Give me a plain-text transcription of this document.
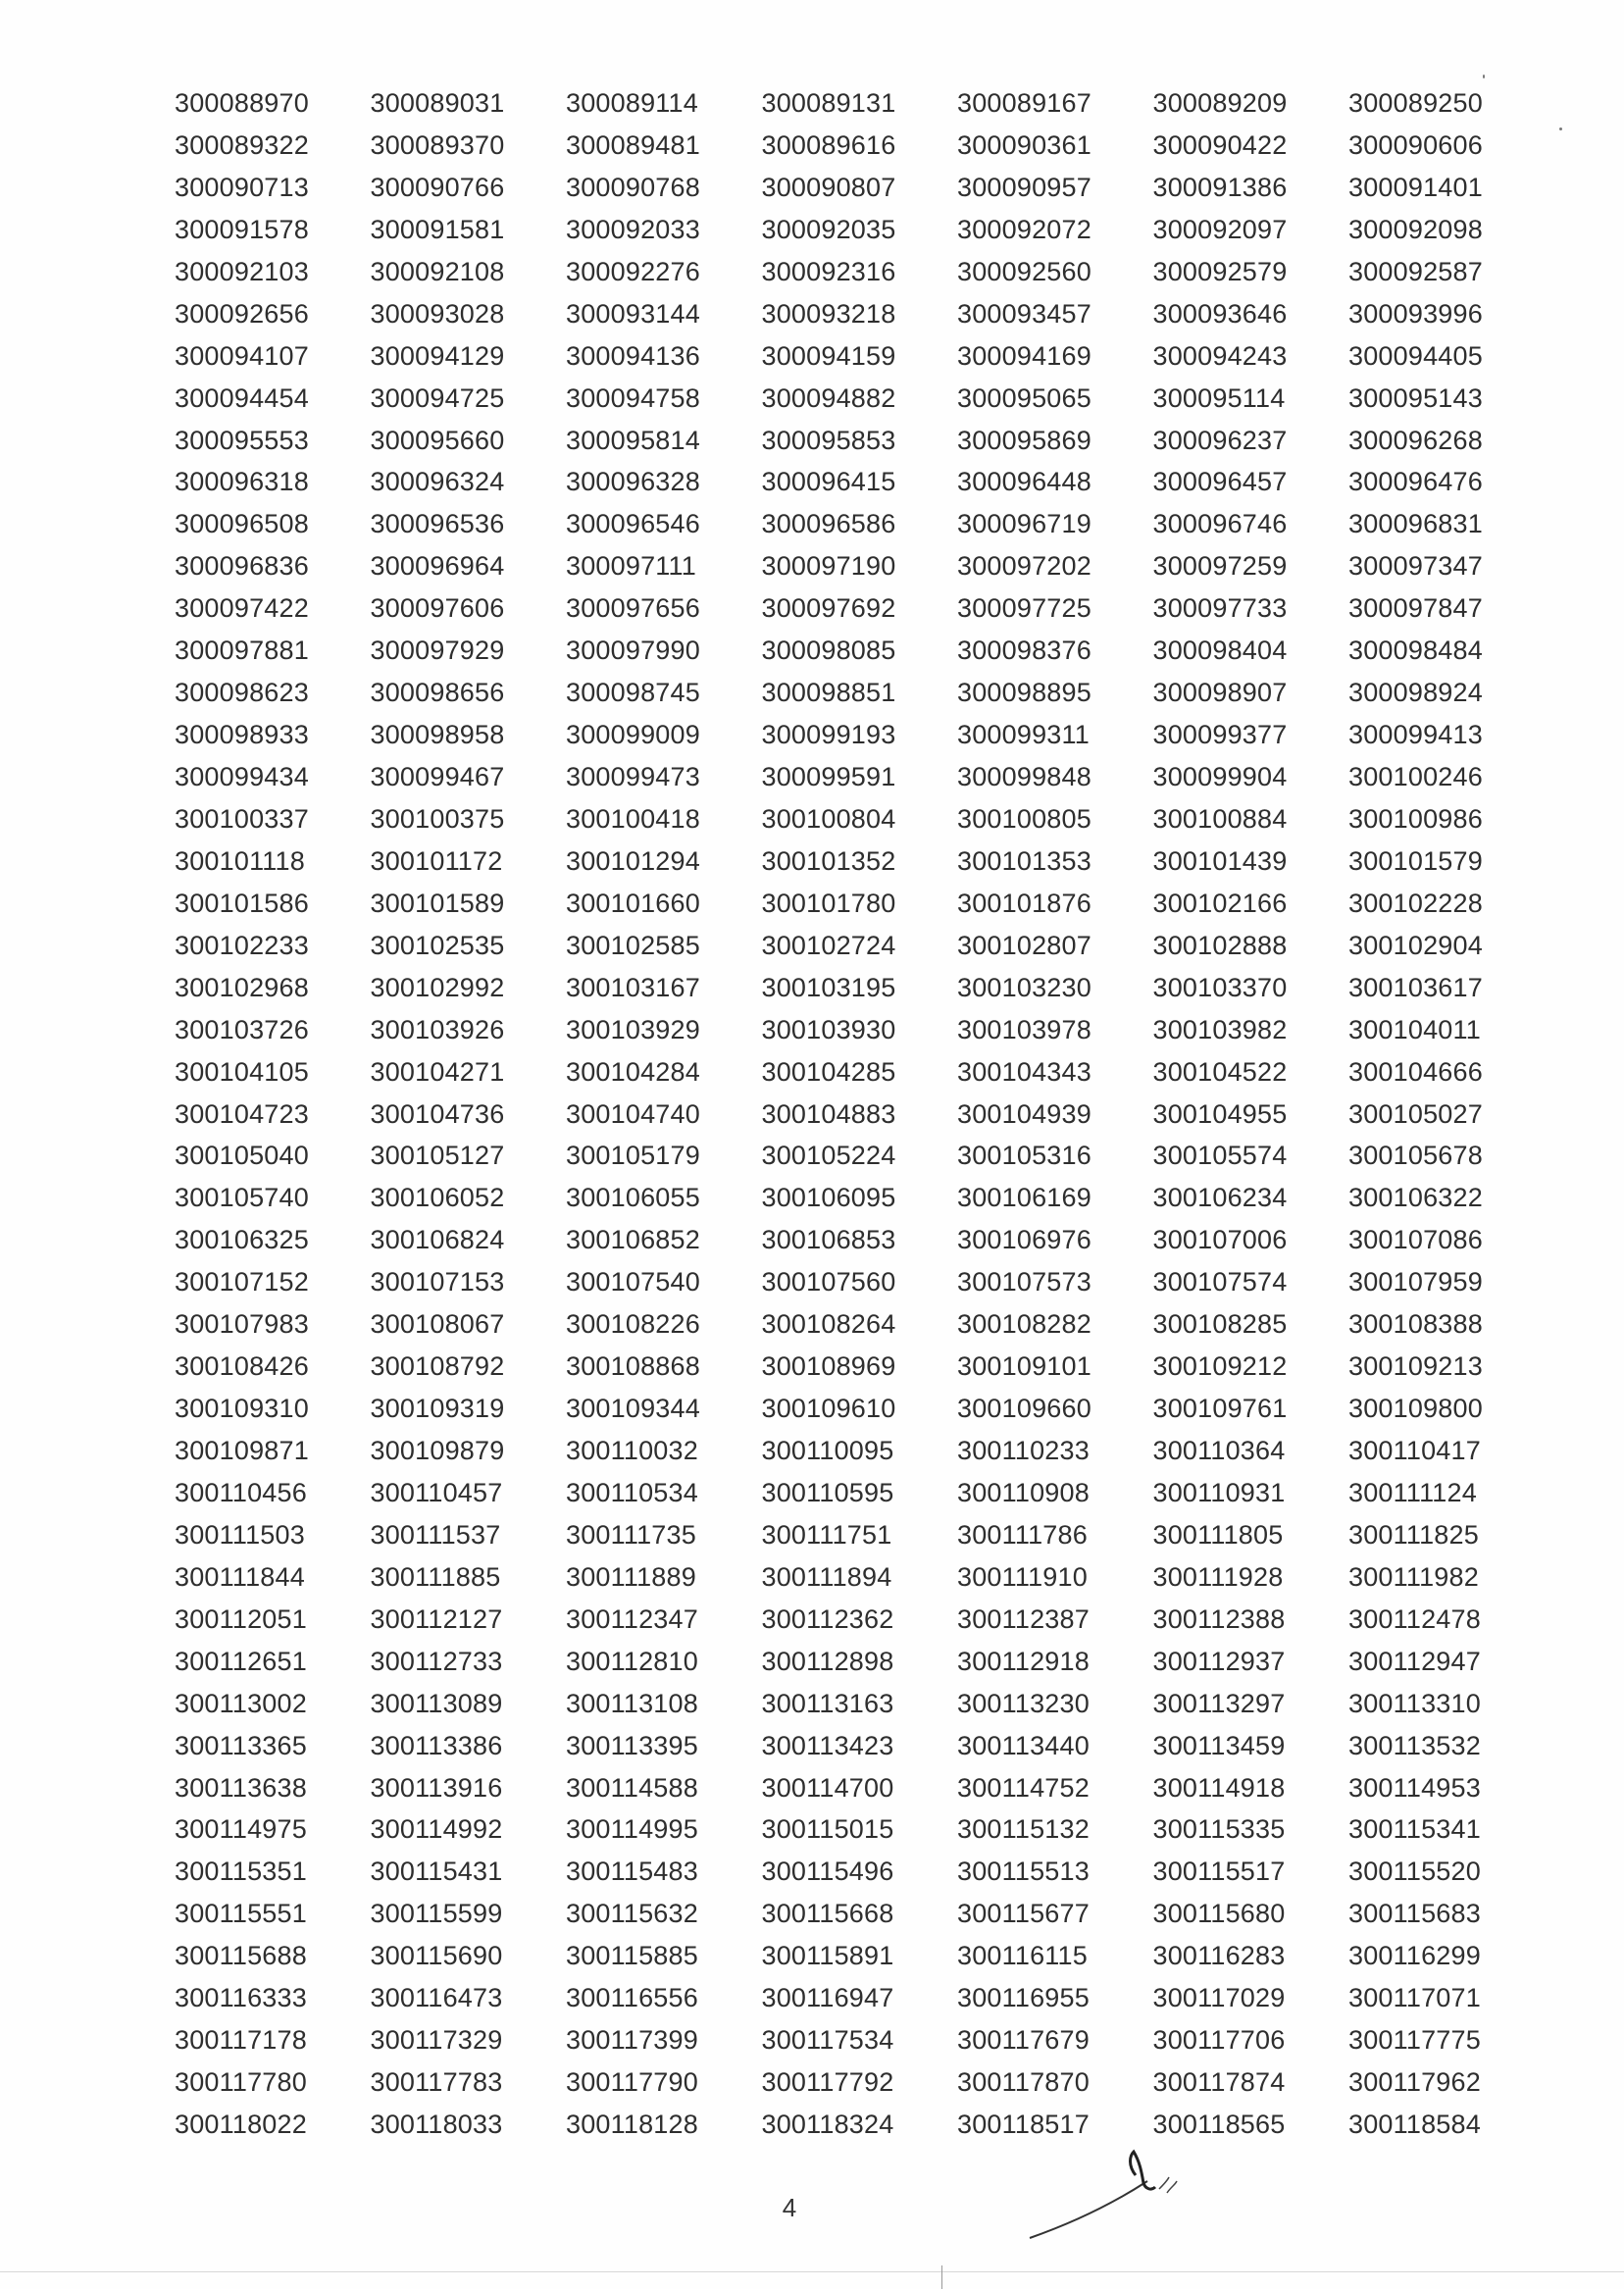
300088970	300089031	300089114	300089131	300089167	300089209	300089250
300089322	300089370	300089481	300089616	300090361	300090422	300090606
300090713	300090766	300090768	300090807	300090957	300091386	300091401
300091578	300091581	300092033	300092035	300092072	300092097	300092098
300092103	300092108	300092276	300092316	300092560	300092579	300092587
300092656	300093028	300093144	300093218	300093457	300093646	300093996
300094107	300094129	300094136	300094159	300094169	300094243	300094405
300094454	300094725	300094758	300094882	300095065	300095114	300095143
300095553	300095660	300095814	300095853	300095869	300096237	300096268
300096318	300096324	300096328	300096415	300096448	300096457	300096476
300096508	300096536	300096546	300096586	300096719	300096746	300096831
300096836	300096964	300097111	300097190	300097202	300097259	300097347
300097422	300097606	300097656	300097692	300097725	300097733	300097847
300097881	300097929	300097990	300098085	300098376	300098404	300098484
300098623	300098656	300098745	300098851	300098895	300098907	300098924
300098933	300098958	300099009	300099193	300099311	300099377	300099413
300099434	300099467	300099473	300099591	300099848	300099904	300100246
300100337	300100375	300100418	300100804	300100805	300100884	300100986
300101118	300101172	300101294	300101352	300101353	300101439	300101579
300101586	300101589	300101660	300101780	300101876	300102166	300102228
300102233	300102535	300102585	300102724	300102807	300102888	300102904
300102968	300102992	300103167	300103195	300103230	300103370	300103617
300103726	300103926	300103929	300103930	300103978	300103982	300104011
300104105	300104271	300104284	300104285	300104343	300104522	300104666
300104723	300104736	300104740	300104883	300104939	300104955	300105027
300105040	300105127	300105179	300105224	300105316	300105574	300105678
300105740	300106052	300106055	300106095	300106169	300106234	300106322
300106325	300106824	300106852	300106853	300106976	300107006	300107086
300107152	300107153	300107540	300107560	300107573	300107574	300107959
300107983	300108067	300108226	300108264	300108282	300108285	300108388
300108426	300108792	300108868	300108969	300109101	300109212	300109213
300109310	300109319	300109344	300109610	300109660	300109761	300109800
300109871	300109879	300110032	300110095	300110233	300110364	300110417
300110456	300110457	300110534	300110595	300110908	300110931	300111124
300111503	300111537	300111735	300111751	300111786	300111805	300111825
300111844	300111885	300111889	300111894	300111910	300111928	300111982
300112051	300112127	300112347	300112362	300112387	300112388	300112478
300112651	300112733	300112810	300112898	300112918	300112937	300112947
300113002	300113089	300113108	300113163	300113230	300113297	300113310
300113365	300113386	300113395	300113423	300113440	300113459	300113532
300113638	300113916	300114588	300114700	300114752	300114918	300114953
300114975	300114992	300114995	300115015	300115132	300115335	300115341
300115351	300115431	300115483	300115496	300115513	300115517	300115520
300115551	300115599	300115632	300115668	300115677	300115680	300115683
300115688	300115690	300115885	300115891	300116115	300116283	300116299
300116333	300116473	300116556	300116947	300116955	300117029	300117071
300117178	300117329	300117399	300117534	300117679	300117706	300117775
300117780	300117783	300117790	300117792	300117870	300117874	300117962
300118022	300118033	300118128	300118324	300118517	300118565	300118584
4
